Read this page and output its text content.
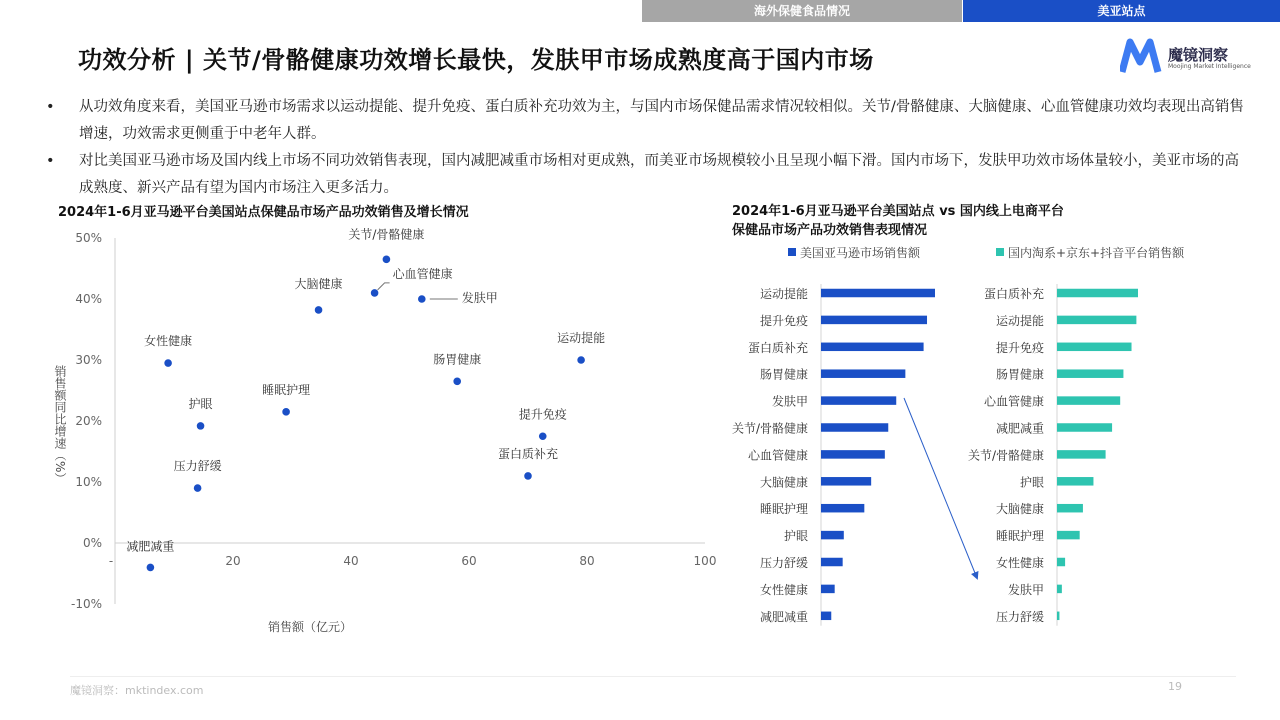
海外保健食品情况	美亚站点
功效分析 | 关节/骨骼健康功效增长最快，发肤甲市场成熟度高于国内市场	魔镜洞察
Moojing Market Intelligence
• 从功效角度来看，美国亚马逊市场需求以运动提能、提升免疫、蛋白质补充功效为主，与国内市场保健品需求情况较相似。关节/骨骼健康、大脑健康、心血管健康功效均表现出高销售增速，功效需求更侧重于中老年人群。
• 对比美国亚马逊市场及国内线上市场不同功效销售表现，国内减肥减重市场相对更成熟，而美亚市场规模较小且呈现小幅下滑。国内市场下，发肤甲功效市场体量较小，美亚市场的高成熟度、新兴产品有望为国内市场注入更多活力。
2024年1-6月亚马逊平台美国站点保健品市场产品功效销售及增长情况	2024年1-6月亚马逊平台美国站点 vs 国内线上电商平台
保健品市场产品功效销售表现情况
-10%
0%
10%
20%
30%
40%
50%
20	40	60	80	100
-
销售额（亿元）
销售额同比增速（%）
关节/骨骼健康
心血管健康
发肤甲
大脑健康
运动提能
女性健康
肠胃健康
睡眠护理
护眼
提升免疫
蛋白质补充
压力舒缓
减肥减重
美国亚马逊市场销售额
运动提能
提升免疫
蛋白质补充
肠胃健康
发肤甲
关节/骨骼健康
心血管健康
大脑健康
睡眠护理
护眼
压力舒缓
女性健康
减肥减重
国内淘系+京东+抖音平台销售额
蛋白质补充
运动提能
提升免疫
肠胃健康
心血管健康
减肥减重
关节/骨骼健康
护眼
大脑健康
睡眠护理
女性健康
发肤甲
压力舒缓
魔镜洞察：mktindex.com	19
